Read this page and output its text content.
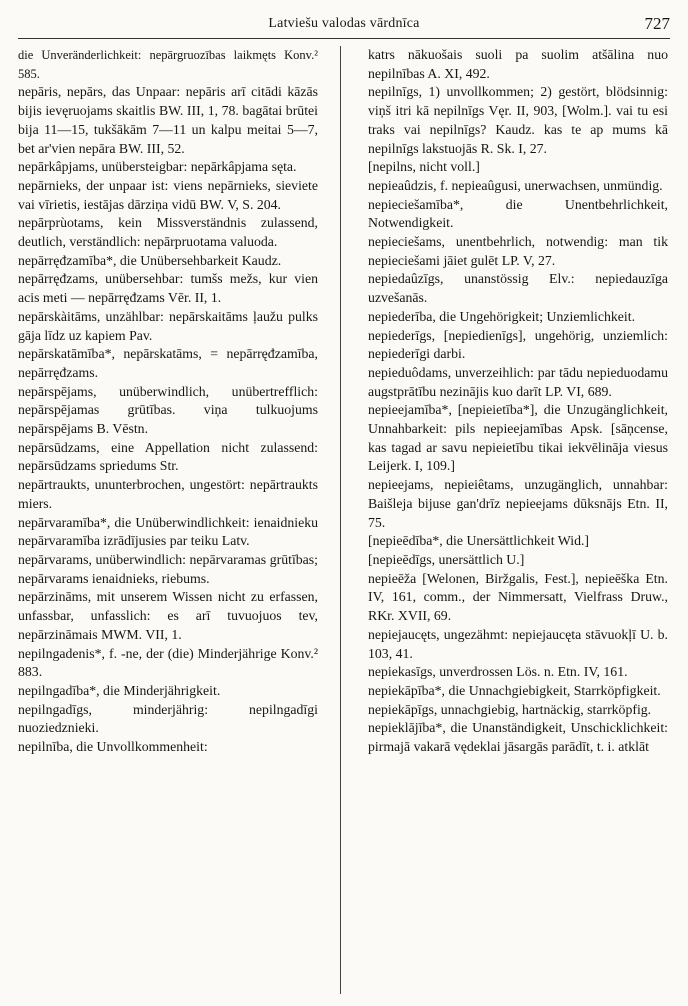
Latviešu valodas vārdnīca	727

die Unveränderlichkeit: nepārgruozības laikmęts Konv.² 585.

nepāris, nepārs, das Unpaar: nepāris arī citādi kāzās bijis ievęruojams skaitlis BW. III, 1, 78. bagātai brūtei bija 11—15, tukšākām 7—11 un kalpu meitai 5—7, bet ar'vien nepāra BW. III, 52.

nepārkâpjams, unübersteigbar: nepārkâpjama sęta.

nepārnieks, der unpaar ist: viens nepārnieks, sieviete vai vīrietis, iestājas dārziņa vidū BW. V, S. 204.

nepārprùotams, kein Missverständnis zulassend, deutlich, verständlich: nepārpruotama valuoda.

nepārręđzamība*, die Unübersehbarkeit Kaudz.

nepārręđzams, unübersehbar: tumšs mežs, kur vien acis meti — nepārręđzams Vēr. II, 1.

nepārskàitāms, unzählbar: nepārskaitāms ļaužu pulks gāja līdz uz kapiem Pav.

nepārskatāmība*, nepārskatāms, = nepārręđzamība, nepārręđzams.

nepārspējams, unüberwindlich, unübertrefflich: nepārspējamas grūtības. viņa tulkuojums nepārspējams B. Vēstn.

nepārsūdzams, eine Appellation nicht zulassend: nepārsūdzams spriedums Str.

nepārtraukts, ununterbrochen, ungestört: nepārtraukts miers.

nepārvaramība*, die Unüberwindlichkeit: ienaidnieku nepārvaramība izrādījusies par teiku Latv.

nepārvarams, unüberwindlich: nepārvaramas grūtības; nepārvarams ienaidnieks, riebums.

nepārzināms, mit unserem Wissen nicht zu erfassen, unfassbar, unfasslich: es arī tuvuojuos tev, nepārzināmais MWM. VII, 1.

nepilngadenis*, f. -ne, der (die) Minderjährige Konv.² 883.

nepilngadība*, die Minderjährigkeit.

nepilngadīgs, minderjährig: nepilngadīgi nuoziedznieki.

nepilnība, die Unvollkommenheit:

katrs nākuošais suoli pa suolim atšālina nuo nepilnības A. XI, 492.

nepilnīgs, 1) unvollkommen; 2) gestört, blödsinnig: viņš itri kā nepilnīgs Vęr. II, 903, [Wolm.]. vai tu esi traks vai nepilnīgs? Kaudz. kas te ap mums kā nepilnīgs lakstuojās R. Sk. I, 27.

[nepilns, nicht voll.]

nepieaûdzis, f. nepieaûgusi, unerwachsen, unmündig.

nepieciešamība*, die Unentbehrlichkeit, Notwendigkeit.

nepieciešams, unentbehrlich, notwendig: man tik nepieciešami jāiet gulēt LP. V, 27.

nepiedaûzīgs, unanstössig Elv.: nepiedauzīga uzvešanās.

nepiederība, die Ungehörigkeit; Unziemlichkeit.

nepiederīgs, [nepiedienīgs], ungehörig, unziemlich: nepiederīgi darbi.

nepieduôdams, unverzeihlich: par tādu nepieduodamu augstprātību nezinājis kuo darīt LP. VI, 689.

nepieejamība*, [nepieietība*], die Unzugänglichkeit, Unnahbarkeit: pils nepieejamības Apsk. [sāņcense, kas tagad ar savu nepieietību tikai iekvēlināja viesus Leijerk. I, 109.]

nepieejams, nepieiêtams, unzugänglich, unnahbar: Baišleja bijuse gan'drīz nepieejams dūksnājs Etn. II, 75.

[nepieēdība*, die Unersättlichkeit Wid.]

[nepieēdīgs, unersättlich U.]

nepieēža [Welonen, Biržgalis, Fest.], nepieēška Etn. IV, 161, comm., der Nimmersatt, Vielfrass Druw., RKr. XVII, 69.

nepiejaucęts, ungezähmt: nepiejaucęta stāvuokļī U. b. 103, 41.

nepiekasīgs, unverdrossen Lös. n. Etn. IV, 161.

nepiekāpība*, die Unnachgiebigkeit, Starrköpfigkeit.

nepiekāpīgs, unnachgiebig, hartnäckig, starrköpfig.

nepieklājība*, die Unanständigkeit, Unschicklichkeit: pirmajā vakarā vędeklai jāsargās parādīt, t. i. atklāt
